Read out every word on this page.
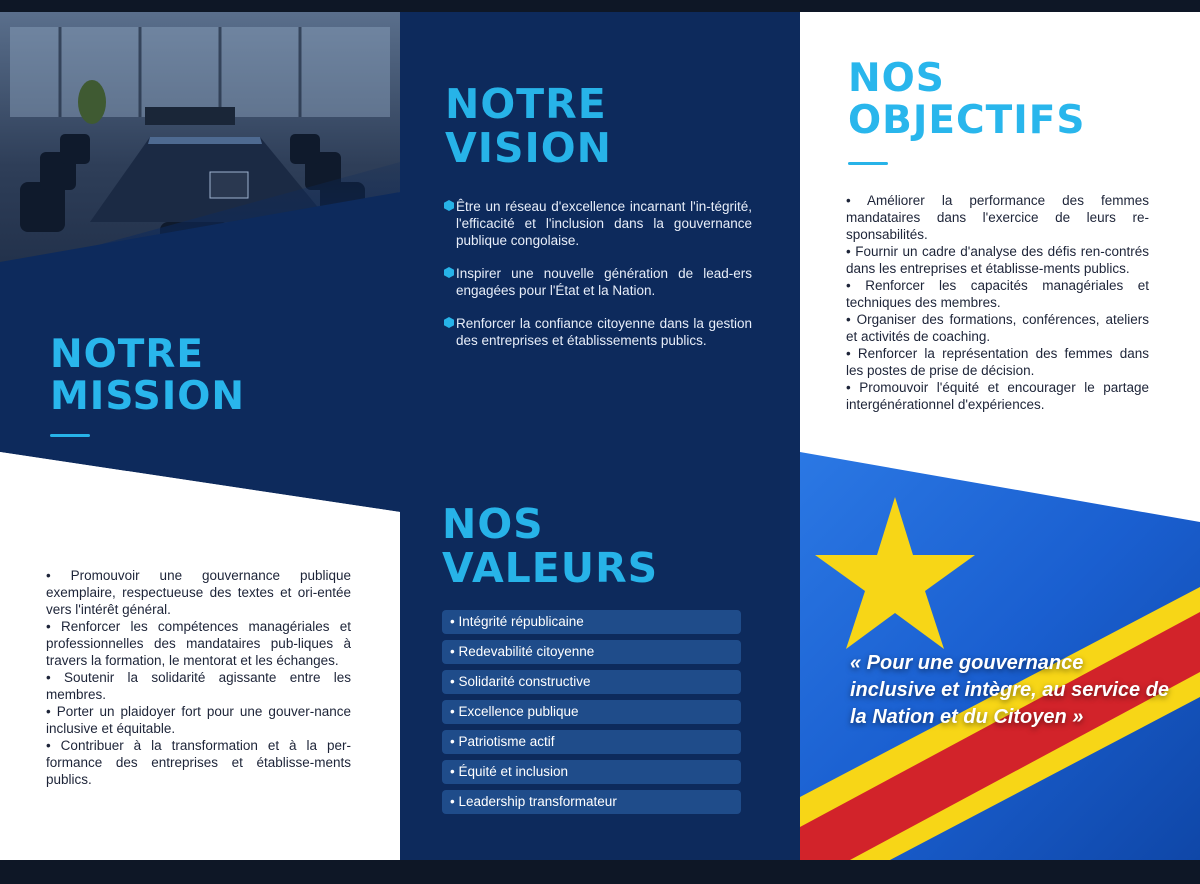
NOTRE MISSION
• Promouvoir une gouvernance publique exemplaire, respectueuse des textes et ori-entée vers l'intérêt général.
• Renforcer les compétences managériales et professionnelles des mandataires pub-liques à travers la formation, le mentorat et les échanges.
• Soutenir la solidarité agissante entre les membres.
• Porter un plaidoyer fort pour une gouver-nance inclusive et équitable.
• Contribuer à la transformation et à la per-formance des entreprises et établisse-ments publics.
NOTRE VISION
Être un réseau d'excellence incarnant l'in-tégrité, l'efficacité et l'inclusion dans la gouvernance publique congolaise.
Inspirer une nouvelle génération de lead-ers engagées pour l'État et la Nation.
Renforcer la confiance citoyenne dans la gestion des entreprises et établissements publics.
NOS VALEURS
• Intégrité républicaine
• Redevabilité citoyenne
• Solidarité constructive
• Excellence publique
• Patriotisme actif
• Équité et inclusion
• Leadership transformateur
NOS OBJECTIFS
• Améliorer la performance des femmes mandataires dans l'exercice de leurs re-sponsabilités.
• Fournir un cadre d'analyse des défis ren-contrés dans les entreprises et établisse-ments publics.
• Renforcer les capacités managériales et techniques des membres.
• Organiser des formations, conférences, ateliers et activités de coaching.
• Renforcer la représentation des femmes dans les postes de prise de décision.
• Promouvoir l'équité et encourager le partage intergénérationnel d'expériences.

« Pour une gouvernance inclusive et intègre, au service de la Nation et du Citoyen »
